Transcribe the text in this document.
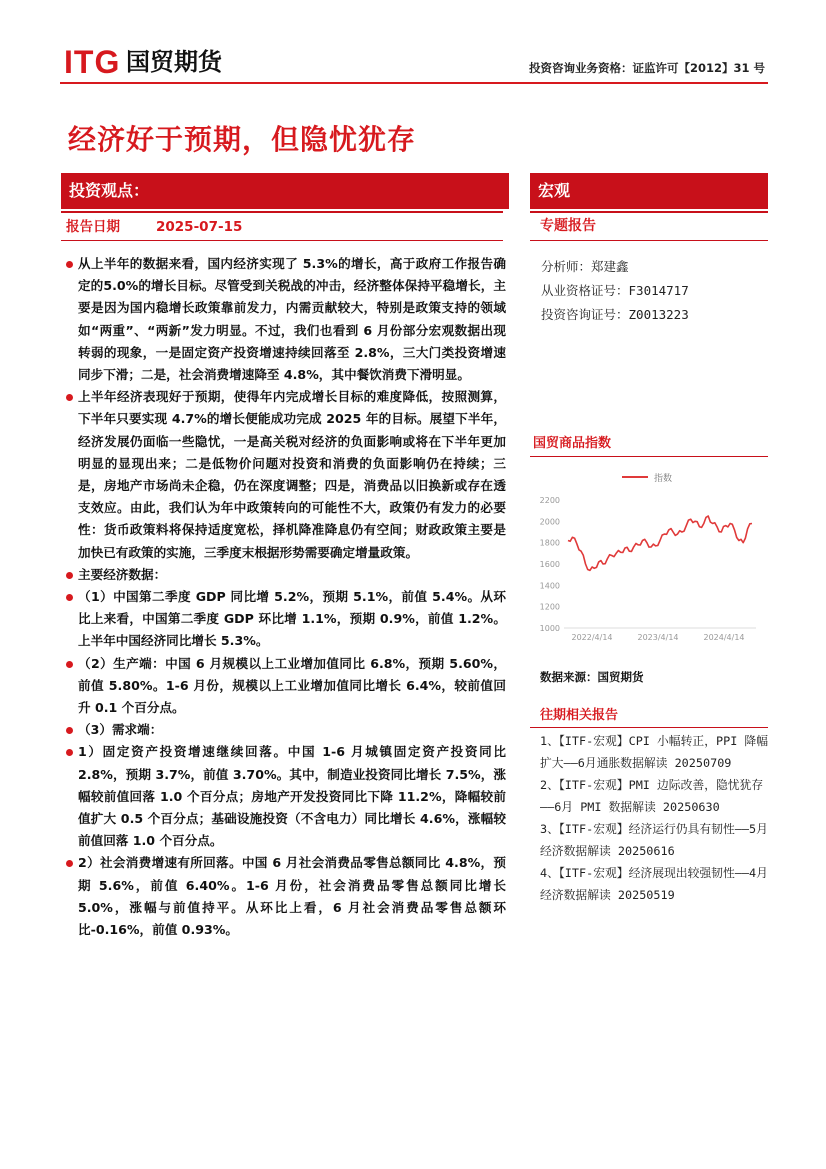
ITG 国贸期货	投资咨询业务资格：证监许可【2012】31 号
经济好于预期，但隐忧犹存
投资观点：	宏观
报告日期	2025-07-15	专题报告
分析师：郑建鑫
从业资格证号：F3014717
投资咨询证号：Z0013223
从上半年的数据来看，国内经济实现了 5.3%的增长，高于政府工作报告确定的5.0%的增长目标。尽管受到关税战的冲击，经济整体保持平稳增长，主要是因为国内稳增长政策靠前发力，内需贡献较大，特别是政策支持的领域如“两重”、“两新”发力明显。不过，我们也看到 6 月份部分宏观数据出现转弱的现象，一是固定资产投资增速持续回落至 2.8%，三大门类投资增速同步下滑；二是，社会消费增速降至 4.8%，其中餐饮消费下滑明显。
上半年经济表现好于预期，使得年内完成增长目标的难度降低，按照测算，下半年只要实现 4.7%的增长便能成功完成 2025 年的目标。展望下半年，经济发展仍面临一些隐忧，一是高关税对经济的负面影响或将在下半年更加明显的显现出来；二是低物价问题对投资和消费的负面影响仍在持续；三是，房地产市场尚未企稳，仍在深度调整；四是，消费品以旧换新或存在透支效应。由此，我们认为年中政策转向的可能性不大，政策仍有发力的必要性：货币政策料将保持适度宽松，择机降准降息仍有空间；财政政策主要是加快已有政策的实施，三季度末根据形势需要确定增量政策。
主要经济数据：
（1）中国第二季度 GDP 同比增 5.2%，预期 5.1%，前值 5.4%。从环比上来看，中国第二季度 GDP 环比增 1.1%，预期 0.9%，前值 1.2%。上半年中国经济同比增长 5.3%。
（2）生产端：中国 6 月规模以上工业增加值同比 6.8%，预期 5.60%，前值 5.80%。1-6 月份，规模以上工业增加值同比增长 6.4%，较前值回升 0.1 个百分点。
（3）需求端：
1）固定资产投资增速继续回落。中国 1-6 月城镇固定资产投资同比 2.8%，预期 3.7%，前值 3.70%。其中，制造业投资同比增长 7.5%，涨幅较前值回落 1.0 个百分点；房地产开发投资同比下降 11.2%，降幅较前值扩大 0.5 个百分点；基础设施投资（不含电力）同比增长 4.6%，涨幅较前值回落 1.0 个百分点。
2）社会消费增速有所回落。中国 6 月社会消费品零售总额同比 4.8%，预期 5.6%，前值 6.40%。1-6 月份，社会消费品零售总额同比增长 5.0%，涨幅与前值持平。从环比上看，6 月社会消费品零售总额环比-0.16%，前值 0.93%。
国贸商品指数
指数
1000
1200
1400
1600
1800
2000
2200
2022/4/14	2023/4/14	2024/4/14
数据来源：国贸期货
往期相关报告
1、【ITF-宏观】CPI 小幅转正，PPI 降幅扩大——6月通胀数据解读 20250709
2、【ITF-宏观】PMI 边际改善，隐忧犹存——6月 PMI 数据解读 20250630
3、【ITF-宏观】经济运行仍具有韧性——5月经济数据解读 20250616
4、【ITF-宏观】经济展现出较强韧性——4月经济数据解读 20250519
